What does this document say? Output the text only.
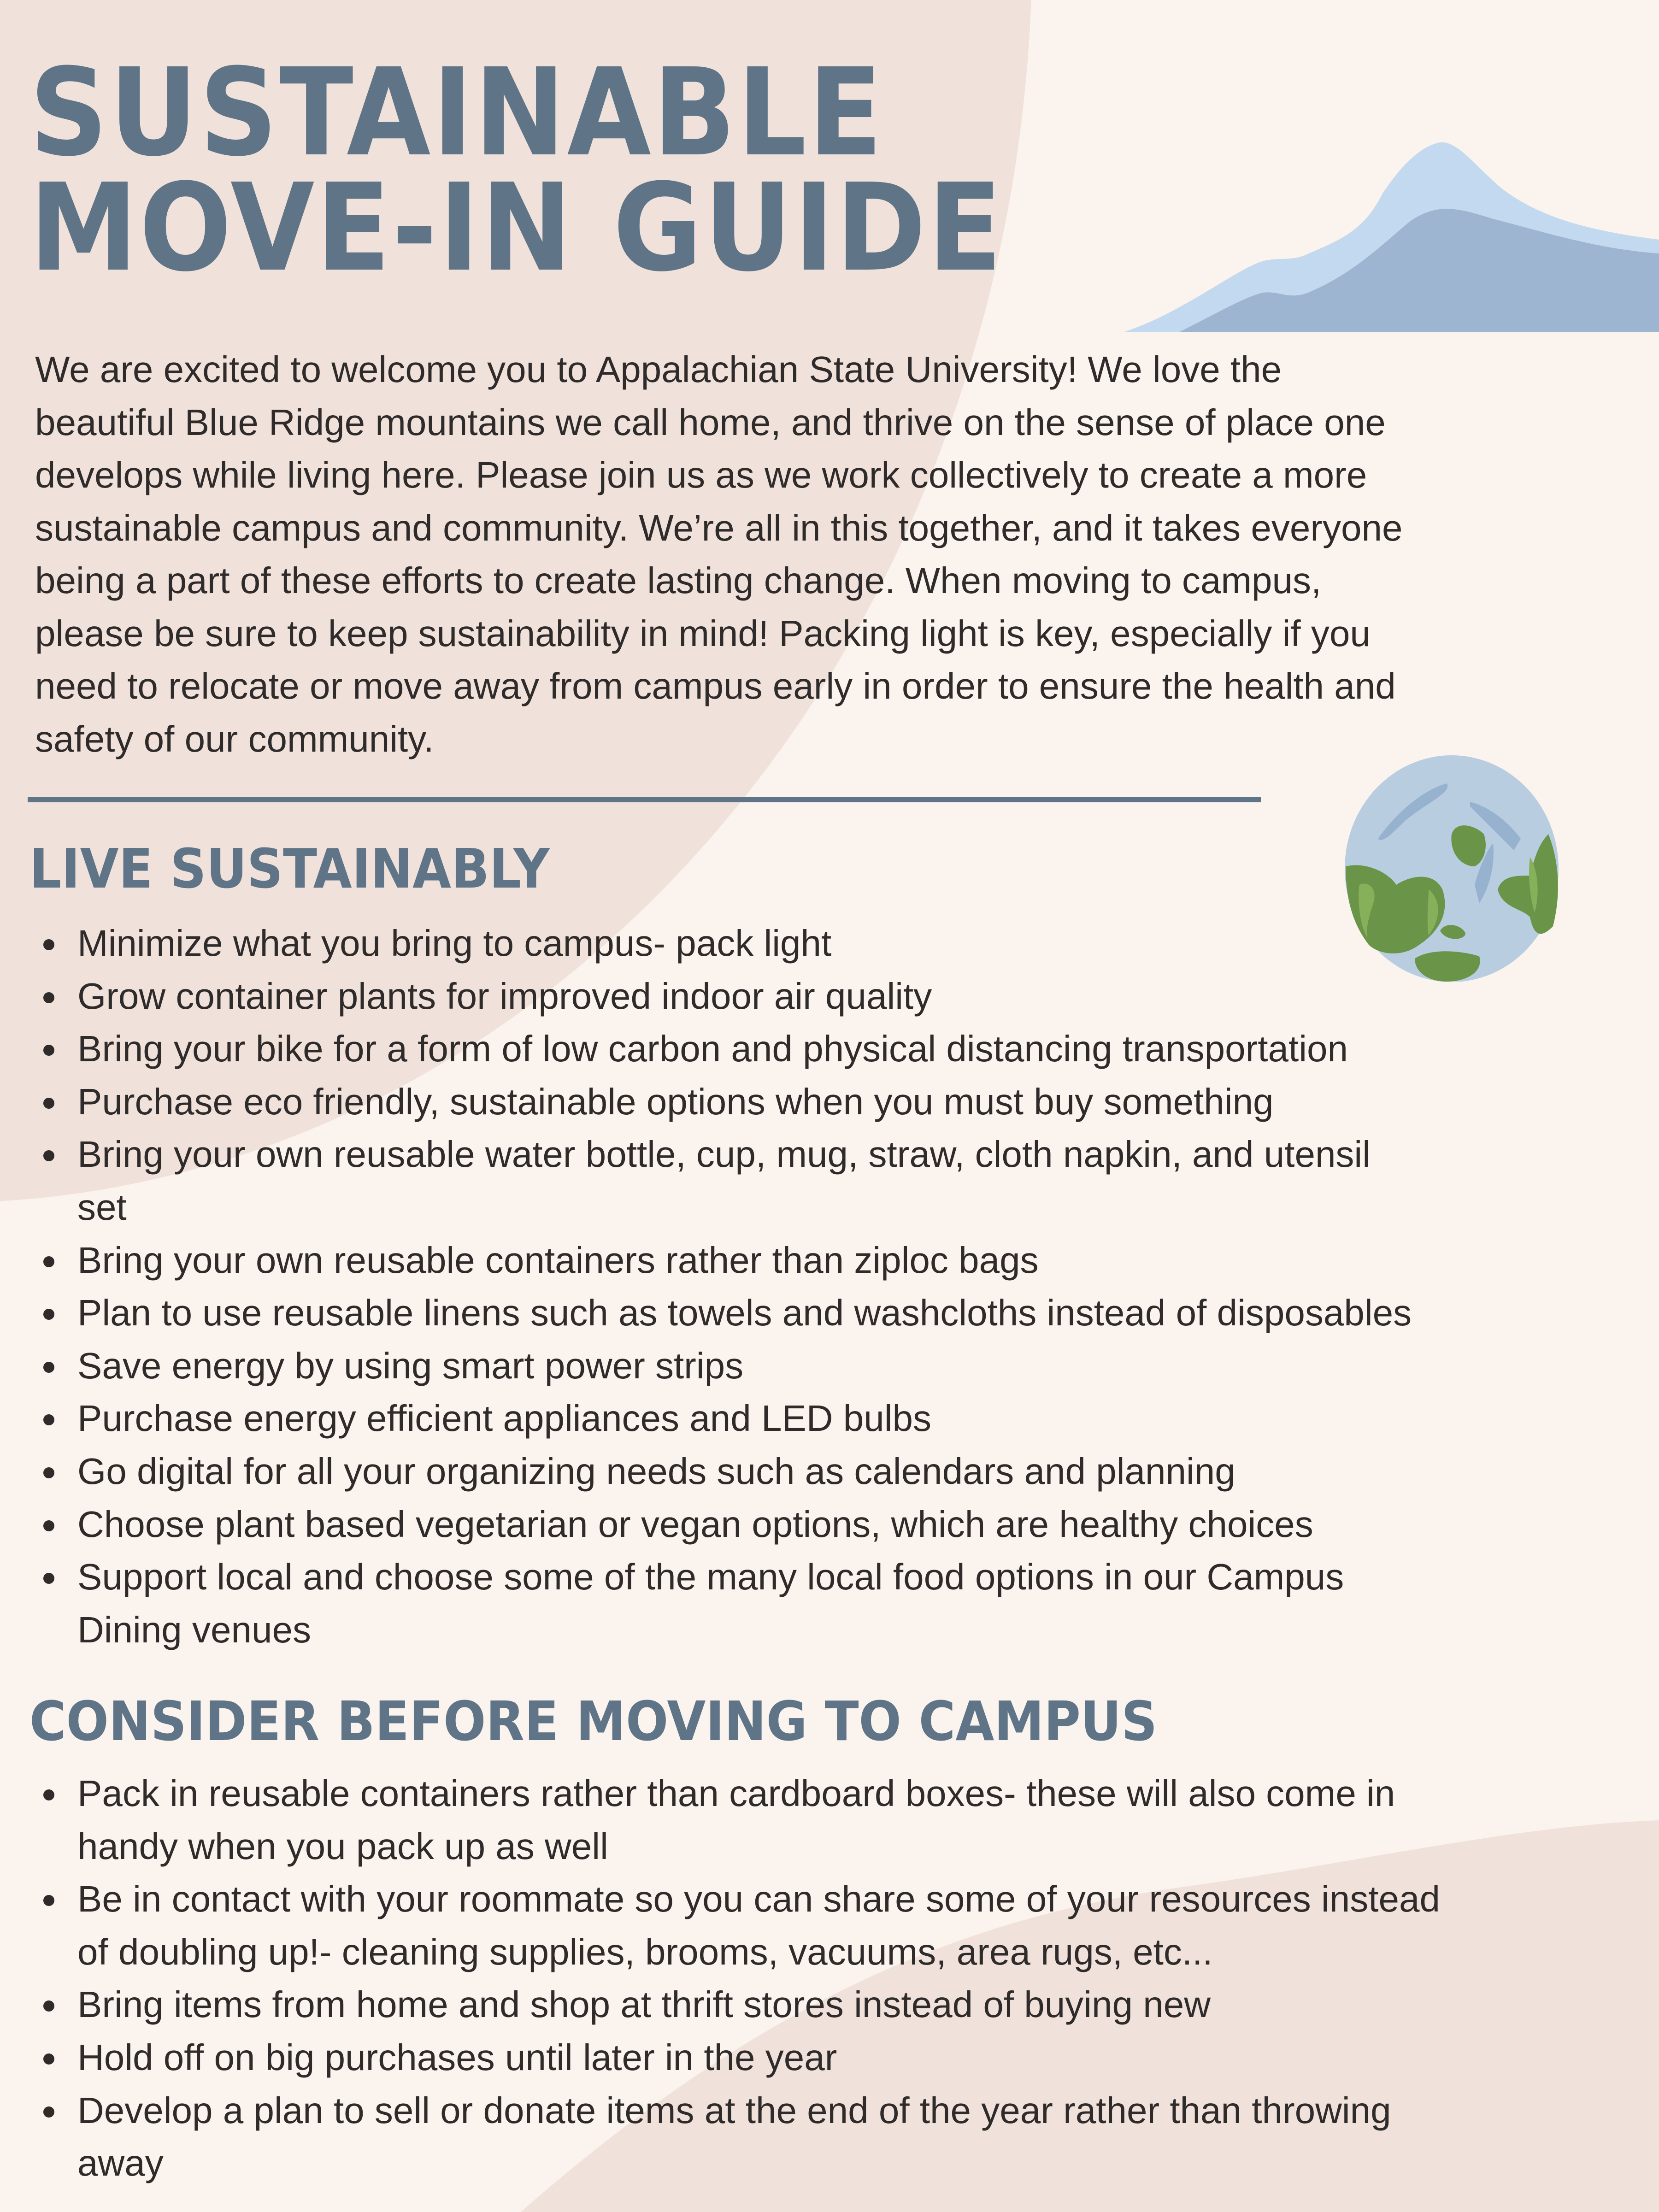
SUSTAINABLE
MOVE-IN GUIDE
We are excited to welcome you to Appalachian State University! We love the
beautiful Blue Ridge mountains we call home, and thrive on the sense of place one
develops while living here. Please join us as we work collectively to create a more
sustainable campus and community. We’re all in this together, and it takes everyone
being a part of these efforts to create lasting change. When moving to campus,
please be sure to keep sustainability in mind! Packing light is key, especially if you
need to relocate or move away from campus early in order to ensure the health and
safety of our community.
LIVE SUSTAINABLY
Minimize what you bring to campus- pack light
Grow container plants for improved indoor air quality
Bring your bike for a form of low carbon and physical distancing transportation
Purchase eco friendly, sustainable options when you must buy something
Bring your own reusable water bottle, cup, mug, straw, cloth napkin, and utensil
set
Bring your own reusable containers rather than ziploc bags
Plan to use reusable linens such as towels and washcloths instead of disposables
Save energy by using smart power strips
Purchase energy efficient appliances and LED bulbs
Go digital for all your organizing needs such as calendars and planning
Choose plant based vegetarian or vegan options, which are healthy choices
Support local and choose some of the many local food options in our Campus
Dining venues
CONSIDER BEFORE MOVING TO CAMPUS
Pack in reusable containers rather than cardboard boxes- these will also come in
handy when you pack up as well
Be in contact with your roommate so you can share some of your resources instead
of doubling up!- cleaning supplies, brooms, vacuums, area rugs, etc...
Bring items from home and shop at thrift stores instead of buying new
Hold off on big purchases until later in the year
Develop a plan to sell or donate items at the end of the year rather than throwing
away
